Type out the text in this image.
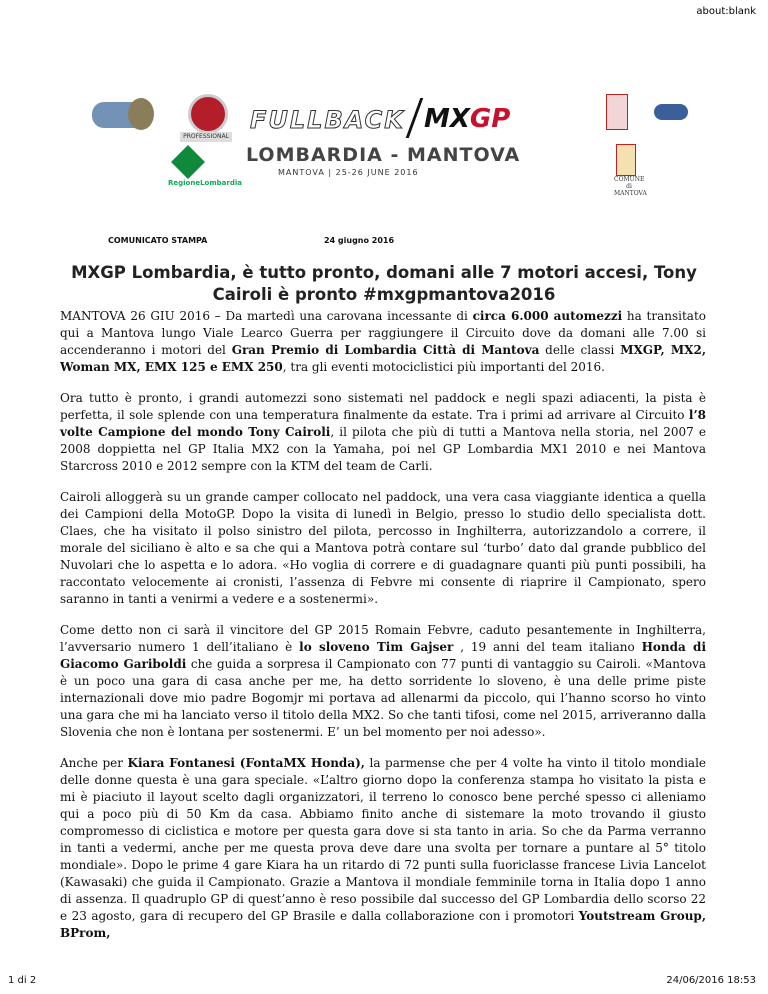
about:blank
PROFESSIONAL
RegioneLombardia
FULLBACK MXGP
LOMBARDIA - MANTOVA
MANTOVA | 25-26 JUNE 2016
COMUNE di MANTOVA
COMUNICATO STAMPA	24 giugno 2016
MXGP Lombardia, è tutto pronto, domani alle 7 motori accesi, Tony Cairoli è pronto #mxgpmantova2016

MANTOVA 26 GIU 2016 – Da martedì una carovana incessante di circa 6.000 automezzi ha transitato qui a Mantova lungo Viale Learco Guerra per raggiungere il Circuito dove da domani alle 7.00 si accenderanno i motori del Gran Premio di Lombardia Città di Mantova delle classi MXGP, MX2, Woman MX, EMX 125 e EMX 250, tra gli eventi motociclistici più importanti del 2016.

Ora tutto è pronto, i grandi automezzi sono sistemati nel paddock e negli spazi adiacenti, la pista è perfetta, il sole splende con una temperatura finalmente da estate. Tra i primi ad arrivare al Circuito l’8 volte Campione del mondo Tony Cairoli, il pilota che più di tutti a Mantova nella storia, nel 2007 e 2008 doppietta nel GP Italia MX2 con la Yamaha, poi nel GP Lombardia MX1 2010 e nei Mantova Starcross 2010 e 2012 sempre con la KTM del team de Carli.

Cairoli alloggerà su un grande camper collocato nel paddock, una vera casa viaggiante identica a quella dei Campioni della MotoGP. Dopo la visita di lunedì in Belgio, presso lo studio dello specialista dott. Claes, che ha visitato il polso sinistro del pilota, percosso in Inghilterra, autorizzandolo a correre, il morale del siciliano è alto e sa che qui a Mantova potrà contare sul ‘turbo’ dato dal grande pubblico del Nuvolari che lo aspetta e lo adora. «Ho voglia di correre e di guadagnare quanti più punti possibili, ha raccontato velocemente ai cronisti, l’assenza di Febvre mi consente di riaprire il Campionato, spero saranno in tanti a venirmi a vedere e a sostenermi».

Come detto non ci sarà il vincitore del GP 2015 Romain Febvre, caduto pesantemente in Inghilterra, l’avversario numero 1 dell’italiano è lo sloveno Tim Gajser , 19 anni del team italiano Honda di Giacomo Gariboldi che guida a sorpresa il Campionato con 77 punti di vantaggio su Cairoli. «Mantova è un poco una gara di casa anche per me, ha detto sorridente lo sloveno, è una delle prime piste internazionali dove mio padre Bogomjr mi portava ad allenarmi da piccolo, qui l’hanno scorso ho vinto una gara che mi ha lanciato verso il titolo della MX2. So che tanti tifosi, come nel 2015, arriveranno dalla Slovenia che non è lontana per sostenermi. E’ un bel momento per noi adesso».

Anche per Kiara Fontanesi (FontaMX Honda), la parmense che per 4 volte ha vinto il titolo mondiale delle donne questa è una gara speciale. «L’altro giorno dopo la conferenza stampa ho visitato la pista e mi è piaciuto il layout scelto dagli organizzatori, il terreno lo conosco bene perché spesso ci alleniamo qui a poco più di 50 Km da casa. Abbiamo finito anche di sistemare la moto trovando il giusto compromesso di ciclistica e motore per questa gara dove si sta tanto in aria. So che da Parma verranno in tanti a vedermi, anche per me questa prova deve dare una svolta per tornare a puntare al 5° titolo mondiale». Dopo le prime 4 gare Kiara ha un ritardo di 72 punti sulla fuoriclasse francese Livia Lancelot (Kawasaki) che guida il Campionato. Grazie a Mantova il mondiale femminile torna in Italia dopo 1 anno di assenza. Il quadruplo GP di quest’anno è reso possibile dal successo del GP Lombardia dello scorso 22 e 23 agosto, gara di recupero del GP Brasile e dalla collaborazione con i promotori Youtstream Group, BProm,

1 di 2	24/06/2016 18:53
